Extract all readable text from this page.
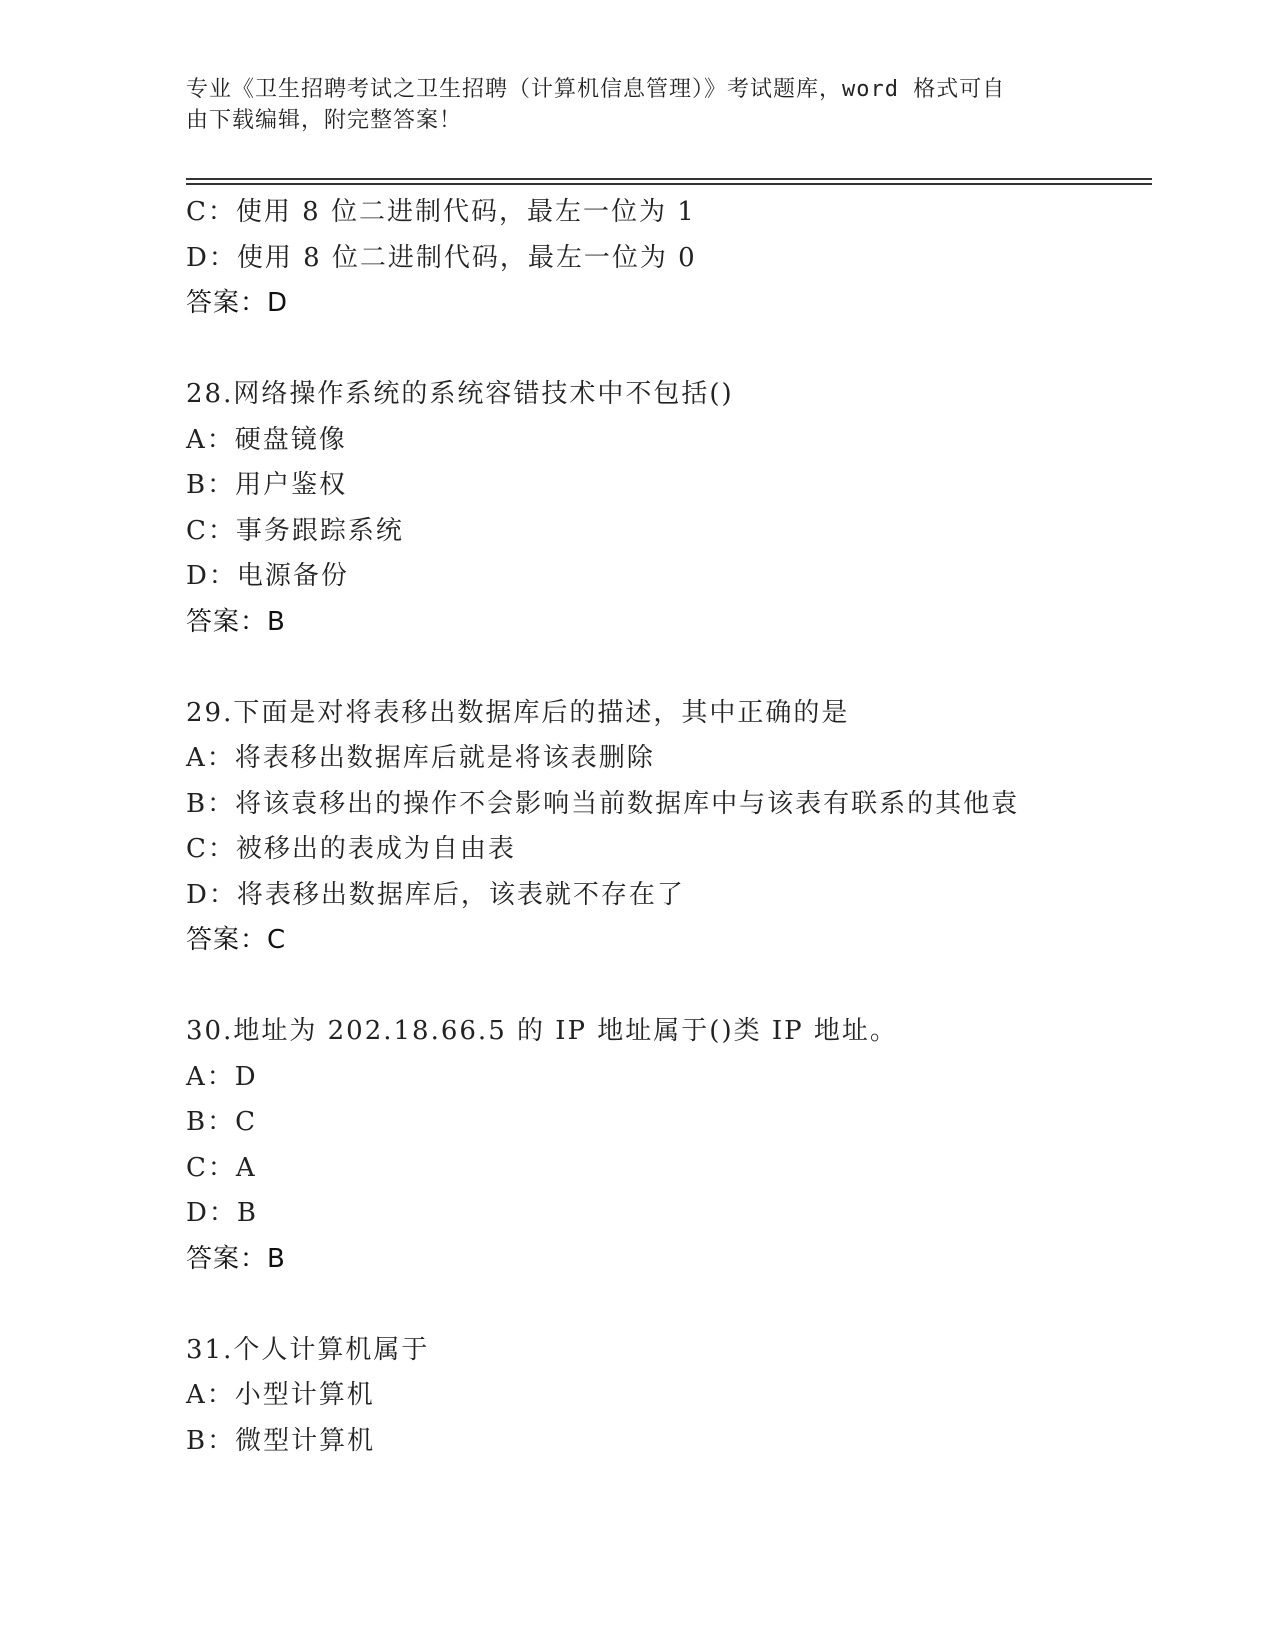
专业《卫生招聘考试之卫生招聘（计算机信息管理）》考试题库，word 格式可自
由下载编辑，附完整答案！
C：使用 8 位二进制代码，最左一位为 1
D：使用 8 位二进制代码，最左一位为 0
答案：D
28.网络操作系统的系统容错技术中不包括()
A：硬盘镜像
B：用户鉴权
C：事务跟踪系统
D：电源备份
答案：B
29.下面是对将表移出数据库后的描述，其中正确的是
A：将表移出数据库后就是将该表删除
B：将该袁移出的操作不会影响当前数据库中与该表有联系的其他袁
C：被移出的表成为自由表
D：将表移出数据库后，该表就不存在了
答案：C
30.地址为 202.18.66.5 的 IP 地址属于()类 IP 地址。
A：D
B：C
C：A
D：B
答案：B
31.个人计算机属于
A：小型计算机
B：微型计算机
